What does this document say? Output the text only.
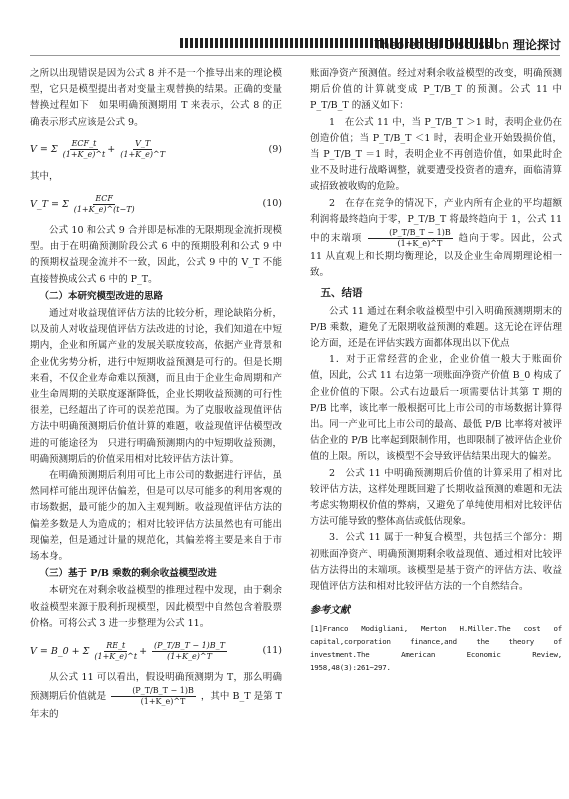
Theoretical Discussion 理论探讨

之所以出现错误是因为公式 8 并不是一个推导出来的理论模型，它只是模型提出者对变量主观替换的结果。正确的变量替换过程如下　如果明确预测期用 T 来表示，公式 8 的正确表示形式应该是公式 9。

V = Σ $\frac{\text{ECF\_t}}{(1+K\_e)\^{}t} + \frac{V\_T}{(1+K\_e)\^{}T}$	(9)

其中，

V_T = Σ $\frac{\text{ECF}}{(1+K\_e)\^{}(t-T)}$	(10)

公式 10 和公式 9 合并即是标准的无限期现金流折现模型。由于在明确预测阶段公式 6 中的预期股利和公式 9 中的预期权益现金流并不一致，因此，公式 9 中的 V_T 不能直接替换成公式 6 中的 P_T。

（二）本研究模型改进的思路

通过对收益现值评估方法的比较分析，理论缺陷分析，以及前人对收益现值评估方法改进的讨论，我们知道在中短期内，企业和所属产业的发展关联度较高，依据产业背景和企业优劣势分析，进行中短期收益预测是可行的。但是长期来看，不仅企业寿命难以预测，而且由于企业生命周期和产业生命周期的关联度逐渐降低，企业长期收益预测的可行性很差，已经超出了许可的误差范围。为了克服收益现值评估方法中明确预测期后价值计算的难题，收益现值评估模型改进的可能途径为　只进行明确预测期内的中短期收益预测，明确预测期后的价值采用相对比较评估方法计算。

在明确预测期后利用可比上市公司的数据进行评估，虽然同样可能出现评估偏差，但是可以尽可能多的利用客观的市场数据，最可能少的加入主观判断。收益现值评估方法的偏差多数是人为造成的；相对比较评估方法虽然也有可能出现偏差，但是通过计量的规范化，其偏差将主要是来自于市场本身。

（三）基于 P/B 乘数的剩余收益模型改进

本研究在对剩余收益模型的推理过程中发现，由于剩余收益模型来源于股利折现模型，因此模型中自然包含着股票价格。可将公式 3 进一步整理为公式 11。

V = B_0 + Σ $\frac{RE\_t}{(1+K\_e)\^{}t} + \frac{(P\_T/B\_T - 1)B\_T}{(1+K\_e)\^{}T}$	(11)

从公式 11 可以看出，假设明确预测期为 T，那么明确预测期后价值就是 $\frac{(P\_T/B\_T - 1)B}{(1+K\_e)\^{}T}$ ，其中 B_T 是第 T 年末的

账面净资产预测值。经过对剩余收益模型的改变，明确预测期后价值的计算就变成 P_T/B_T 的预测。公式 11 中 P_T/B_T 的涵义如下：

1　在公式 11 中，当 P_T/B_T ＞1 时，表明企业仍在创造价值；当 P_T/B_T ＜1 时，表明企业开始毁损价值，当 P_T/B_T ＝1 时，表明企业不再创造价值，如果此时企业不及时进行战略调整，就要遭受投资者的遗弃，面临清算或招致被收购的危险。

2　在存在竞争的情况下，产业内所有企业的平均超额利润将最终趋向于零，P_T/B_T 将最终趋向于 1，公式 11 中的末端项 $\frac{(P\_T/B\_T - 1)B}{(1+K\_e)\^{}T}$ 趋向于零。因此，公式 11 从直观上和长期均衡理论，以及企业生命周期理论相一致。

五、结语

公式 11 通过在剩余收益模型中引入明确预测期期末的 P/B 乘数，避免了无限期收益预测的难题。这无论在评估理论方面，还是在评估实践方面都体现出以下优点

1．对于正常经营的企业，企业价值一般大于账面价值，因此，公式 11 右边第一项账面净资产价值 B_0 构成了企业价值的下限。公式右边最后一项需要估计其第 T 期的 P/B 比率，该比率一般根据可比上市公司的市场数据计算得出。同一产业可比上市公司的最高、最低 P/B 比率将对被评估企业的 P/B 比率起到限制作用，也即限制了被评估企业价值的上限。所以，该模型不会导致评估结果出现大的偏差。

2　公式 11 中明确预测期后价值的计算采用了相对比较评估方法，这样处理既回避了长期收益预测的难题和无法考虑实物期权价值的弊病，又避免了单纯使用相对比较评估方法可能导致的整体高估或低估现象。

3．公式 11 属于一种复合模型，共包括三个部分：期初账面净资产、明确预测期剩余收益现值、通过相对比较评估方法得出的末端项。该模型是基于资产的评估方法、收益现值评估方法和相对比较评估方法的一个自然结合。

参考文献

[1]Franco Modigliani, Merton H.Miller.The cost of capital,corporation finance,and the theory of investment.The American Economic Review, 1958,48(3):261~297.
